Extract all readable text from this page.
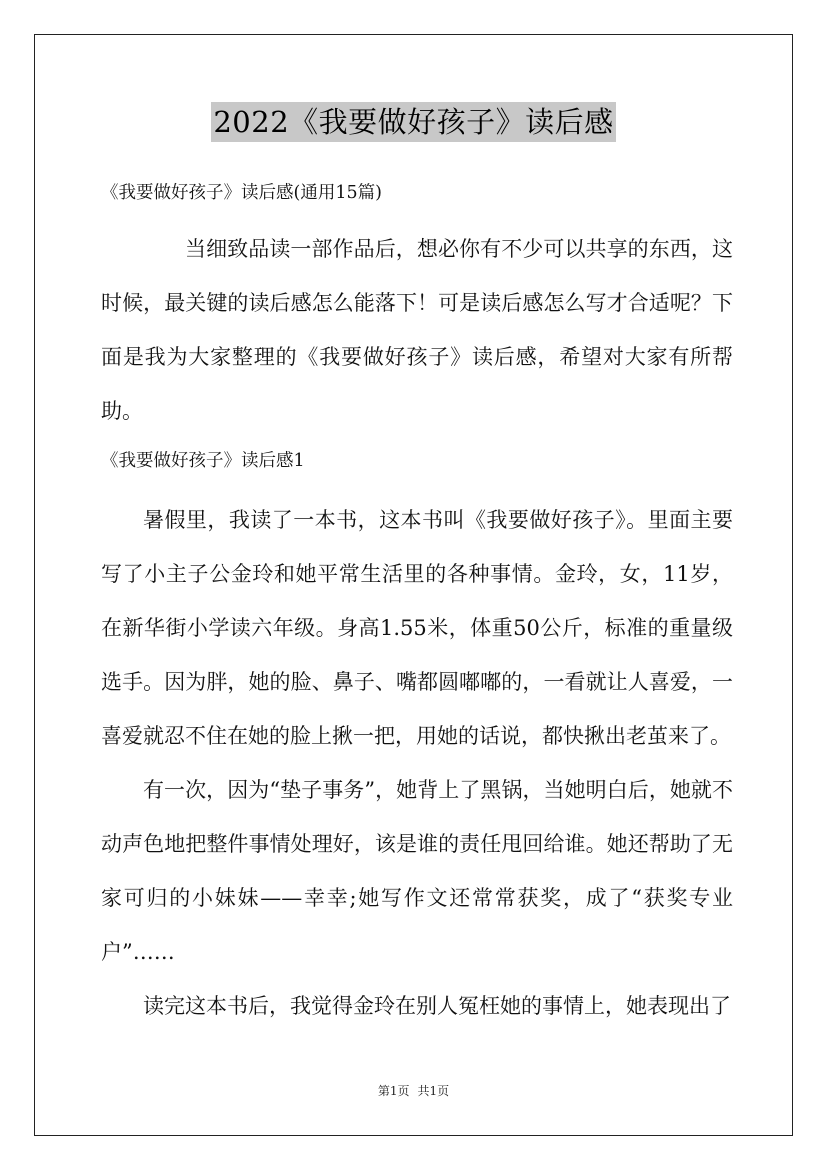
2022《我要做好孩子》读后感
《我要做好孩子》读后感(通用15篇)

当细致品读一部作品后，想必你有不少可以共享的东西，这时候，最关键的读后感怎么能落下！可是读后感怎么写才合适呢？下面是我为大家整理的《我要做好孩子》读后感，希望对大家有所帮助。

《我要做好孩子》读后感1

暑假里，我读了一本书，这本书叫《我要做好孩子》。里面主要写了小主子公金玲和她平常生活里的各种事情。金玲，女，11岁，在新华街小学读六年级。身高1.55米，体重50公斤，标准的重量级选手。因为胖，她的脸、鼻子、嘴都圆嘟嘟的，一看就让人喜爱，一喜爱就忍不住在她的脸上揪一把，用她的话说，都快揪出老茧来了。

有一次，因为“垫子事务”，她背上了黑锅，当她明白后，她就不动声色地把整件事情处理好，该是谁的责任甩回给谁。她还帮助了无家可归的小妹妹——幸幸;她写作文还常常获奖，成了“获奖专业户”……

读完这本书后，我觉得金玲在别人冤枉她的事情上，她表现出了

第1页 共1页
